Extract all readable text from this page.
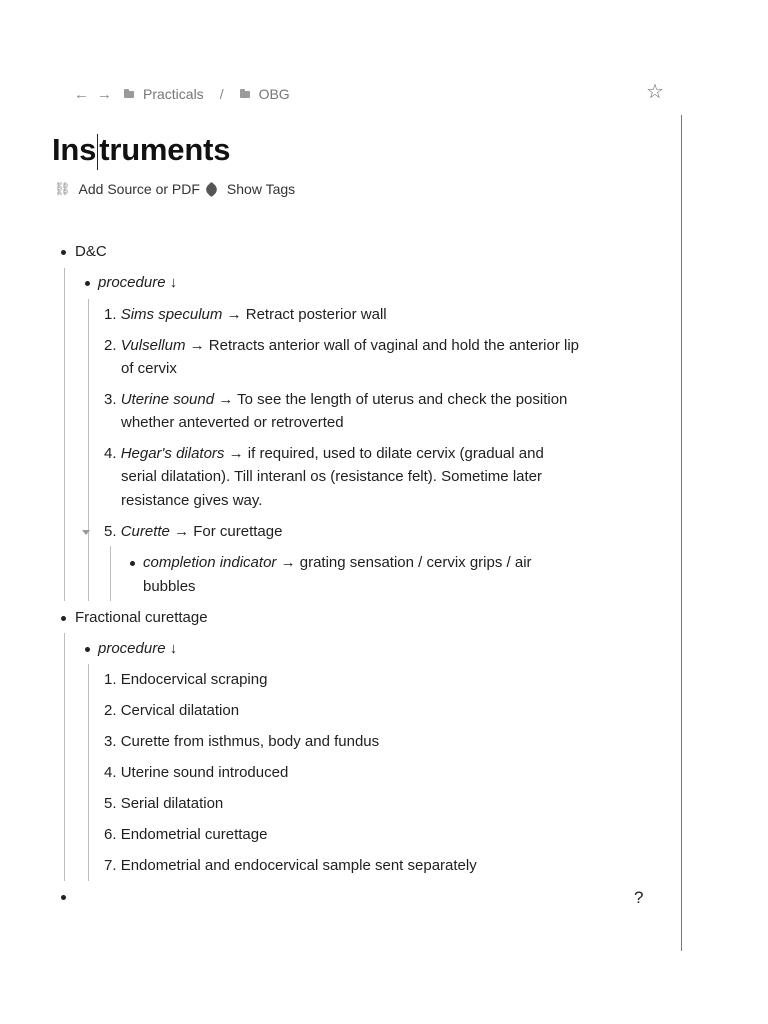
← → Practicals /	OBG	☆
Instruments
⛓ Add Source or PDF Show Tags
D&C
procedure ↓
1. Sims speculum → Retract posterior wall
2. Vulsellum → Retracts anterior wall of vaginal and hold the anterior lip
of cervix
3. Uterine sound → To see the length of uterus and check the position
whether anteverted or retroverted
4. Hegar's dilators → if required, used to dilate cervix (gradual and
serial dilatation). Till interanl os (resistance felt). Sometime later
resistance gives way.
5. Curette → For curettage
completion indicator → grating sensation / cervix grips / air
bubbles
Fractional curettage
procedure ↓
1. Endocervical scraping
2. Cervical dilatation
3. Curette from isthmus, body and fundus
4. Uterine sound introduced
5. Serial dilatation
6. Endometrial curettage
7. Endometrial and endocervical sample sent separately
?
